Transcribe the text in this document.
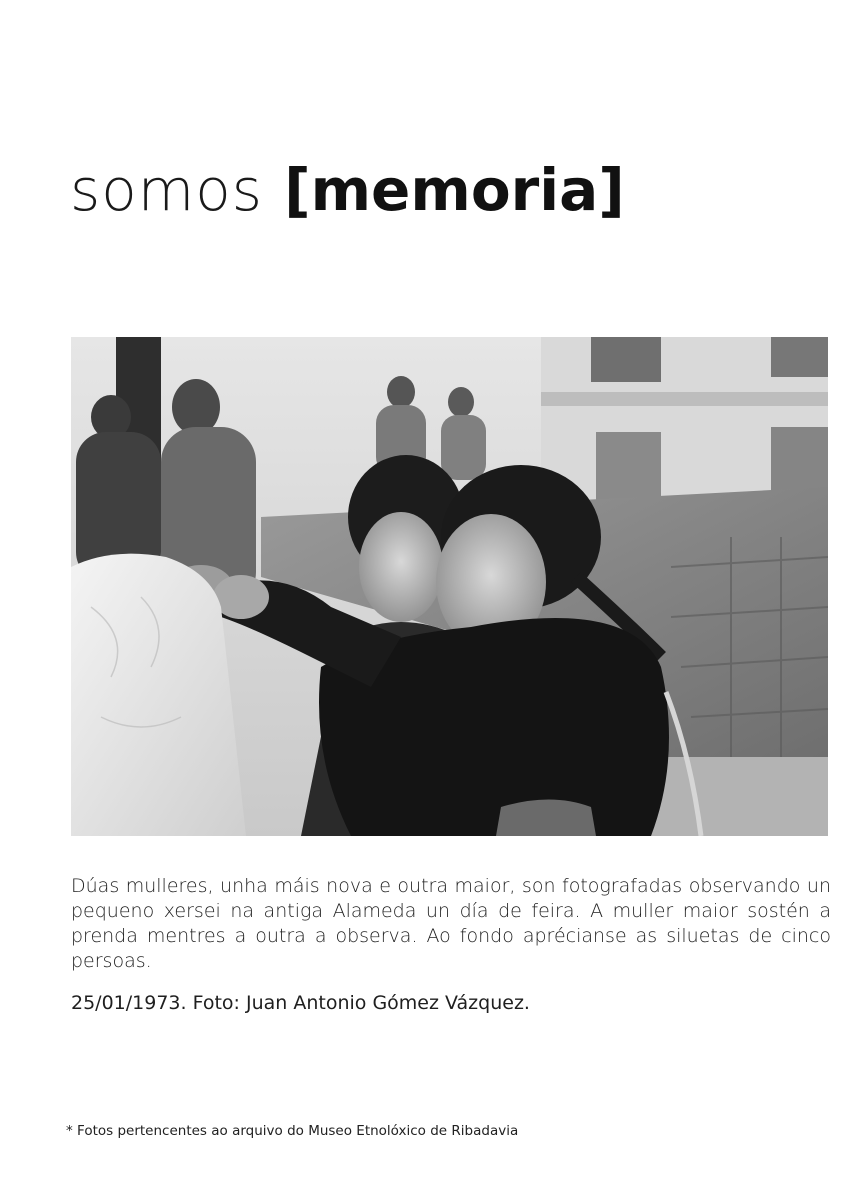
somos [memoria]

Dúas mulleres, unha máis nova e outra maior, son fotografadas observando un pequeno xersei na antiga Alameda un día de feira. A muller maior sostén a prenda mentres a outra a observa. Ao fondo aprécianse as siluetas de cinco persoas.

25/01/1973. Foto: Juan Antonio Gómez Vázquez.

* Fotos pertencentes ao arquivo do Museo Etnolóxico de Ribadavia
